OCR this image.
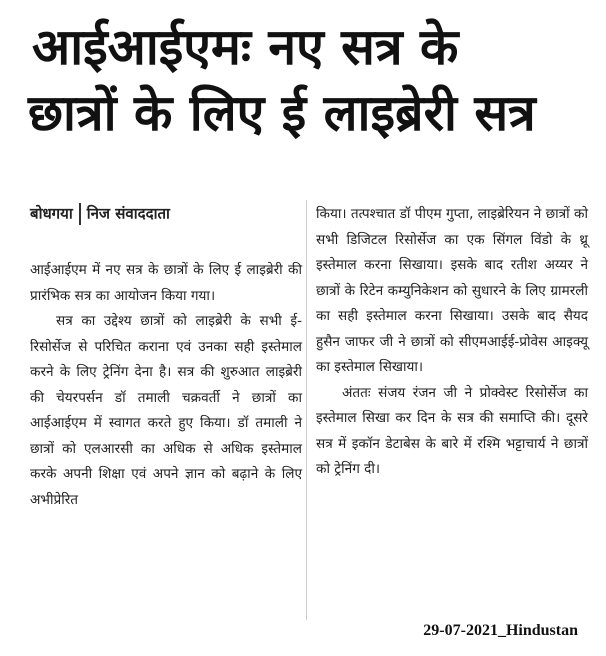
आईआईएमः नए सत्र के
छात्रों के लिए ई लाइब्रेरी सत्र
बोधगया निज संवाददाता

आईआईएम में नए सत्र के छात्रों के लिए ई लाइब्रेरी की प्रारंभिक सत्र का आयोजन किया गया।

सत्र का उद्देश्य छात्रों को लाइब्रेरी के सभी ई-रिसोर्सेज से परिचित कराना एवं उनका सही इस्तेमाल करने के लिए ट्रेनिंग देना है। सत्र की शुरुआत लाइब्रेरी की चेयरपर्सन डॉ तमाली चक्रवर्ती ने छात्रों का आईआईएम में स्वागत करते हुए किया। डॉ तमाली ने छात्रों को एलआरसी का अधिक से अधिक इस्तेमाल करके अपनी शिक्षा एवं अपने ज्ञान को बढ़ाने के लिए अभीप्रेरित

किया। तत्पश्चात डॉ पीएम गुप्ता, लाइब्रेरियन ने छात्रों को सभी डिजिटल रिसोर्सेज का एक सिंगल विंडो के थ्रू इस्तेमाल करना सिखाया। इसके बाद रतीश अय्यर ने छात्रों के रिटेन कम्युनिकेशन को सुधारने के लिए ग्रामरली का सही इस्तेमाल करना सिखाया। उसके बाद सैयद हुसैन जाफर जी ने छात्रों को सीएमआईई-प्रोवेस आइक्यू का इस्तेमाल सिखाया।

अंततः संजय रंजन जी ने प्रोक्वेस्ट रिसोर्सेज का इस्तेमाल सिखा कर दिन के सत्र की समाप्ति की। दूसरे सत्र में इकॉन डेटाबेस के बारे में रश्मि भट्टाचार्य ने छात्रों को ट्रेनिंग दी।

29-07-2021_Hindustan
